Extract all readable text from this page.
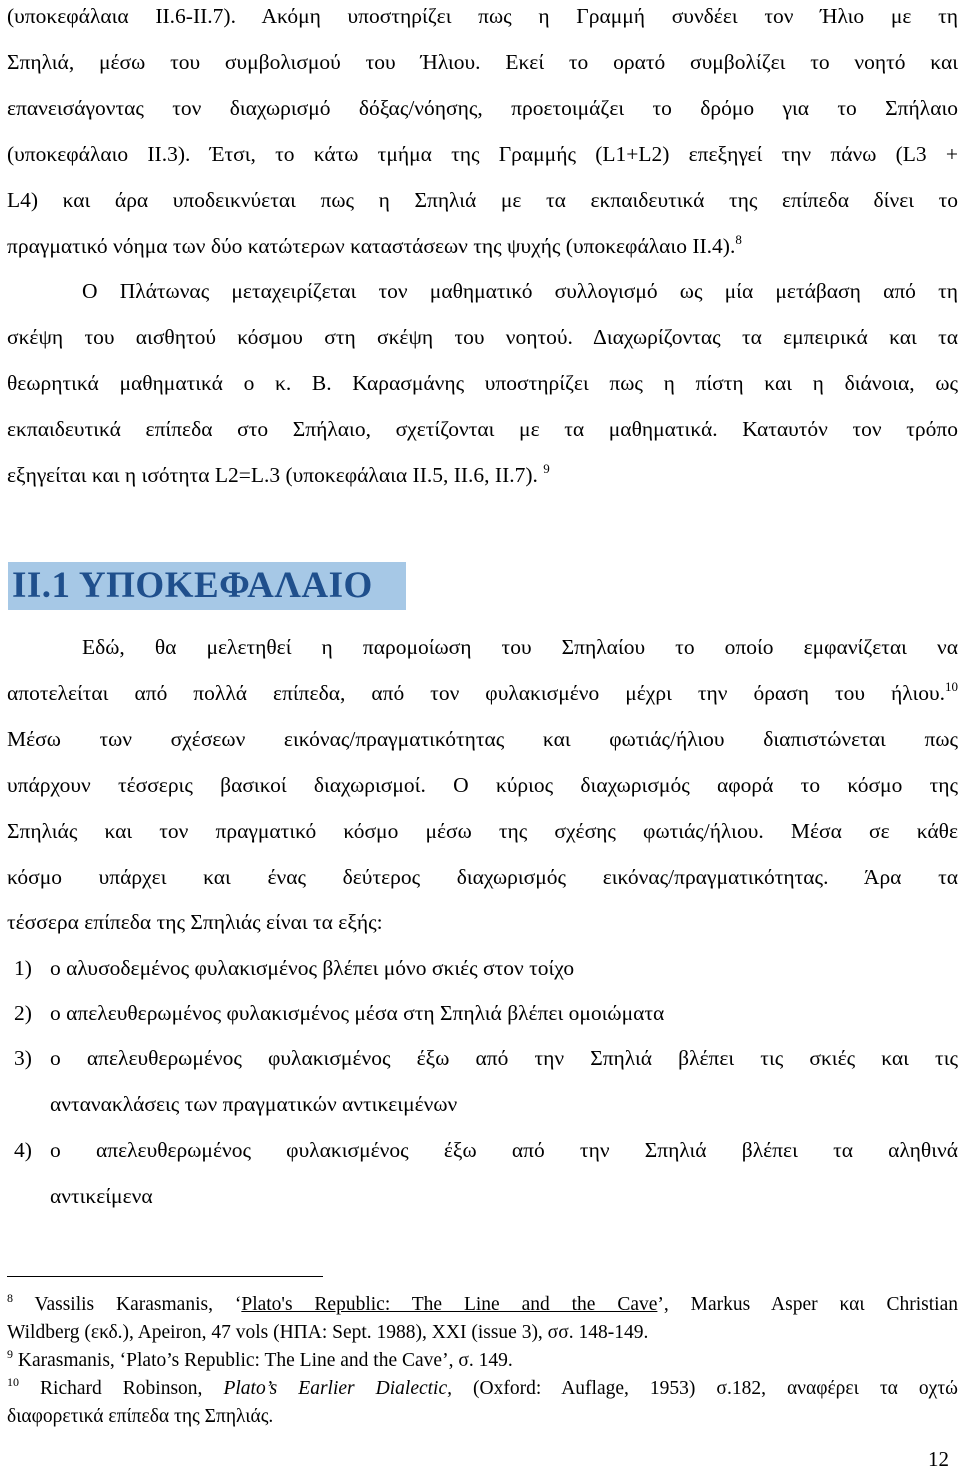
(υποκεφάλαια ΙΙ.6-ΙΙ.7). Ακόμη υποστηρίζει πως η Γραμμή συνδέει τον Ήλιο με τη
Σπηλιά, μέσω του συμβολισμού του Ήλιου. Εκεί το ορατό συμβολίζει το νοητό και
επανεισάγοντας τον διαχωρισμό δόξας/νόησης, προετοιμάζει το δρόμο για το Σπήλαιο
(υποκεφάλαιο ΙΙ.3). Έτσι, το κάτω τμήμα της Γραμμής (L1+L2) επεξηγεί την πάνω (L3 +
L4) και άρα υποδεικνύεται πως η Σπηλιά με τα εκπαιδευτικά της επίπεδα δίνει το
πραγματικό νόημα των δύο κατώτερων καταστάσεων της ψυχής (υποκεφάλαιο ΙΙ.4).$^8$
Ο Πλάτωνας μεταχειρίζεται τον μαθηματικό συλλογισμό ως μία μετάβαση από τη
σκέψη του αισθητού κόσμου στη σκέψη του νοητού. Διαχωρίζοντας τα εμπειρικά και τα
θεωρητικά μαθηματικά ο κ. Β. Καρασμάνης υποστηρίζει πως η πίστη και η διάνοια, ως
εκπαιδευτικά επίπεδα στο Σπήλαιο, σχετίζονται με τα μαθηματικά. Καταυτόν τον τρόπο
εξηγείται και η ισότητα L2=L.3 (υποκεφάλαια ΙΙ.5, ΙΙ.6, ΙΙ.7). $^9$
ΙΙ.1 ΥΠΟΚΕΦΑΛΑΙΟ
Εδώ, θα μελετηθεί η παρομοίωση του Σπηλαίου το οποίο εμφανίζεται να
αποτελείται από πολλά επίπεδα, από τον φυλακισμένο μέχρι την όραση του ήλιου.$^{10}$
Μέσω των σχέσεων εικόνας/πραγματικότητας και φωτιάς/ήλιου διαπιστώνεται πως
υπάρχουν τέσσερις βασικοί διαχωρισμοί. Ο κύριος διαχωρισμός αφορά το κόσμο της
Σπηλιάς και τον πραγματικό κόσμο μέσω της σχέσης φωτιάς/ήλιου. Μέσα σε κάθε
κόσμο υπάρχει και ένας δεύτερος διαχωρισμός εικόνας/πραγματικότητας. Άρα τα
τέσσερα επίπεδα της Σπηλιάς είναι τα εξής:
1) ο αλυσοδεμένος φυλακισμένος βλέπει μόνο σκιές στον τοίχο
2) ο απελευθερωμένος φυλακισμένος μέσα στη Σπηλιά βλέπει ομοιώματα
3) ο απελευθερωμένος φυλακισμένος έξω από την Σπηλιά βλέπει τις σκιές και τις
αντανακλάσεις των πραγματικών αντικειμένων
4) ο απελευθερωμένος φυλακισμένος έξω από την Σπηλιά βλέπει τα αληθινά
αντικείμενα
$^8$ Vassilis Karasmanis, ‘Plato's Republic: The Line and the Cave’, Markus Asper και Christian
Wildberg (εκδ.), Apeiron, 47 vols (ΗΠΑ: Sept. 1988), XXI (issue 3), σσ. 148-149.
$^9$ Karasmanis, ‘Plato’s Republic: The Line and the Cave’, σ. 149.
$^{10}$ Richard Robinson, Plato’s Earlier Dialectic, (Oxford: Auflage, 1953) σ.182, αναφέρει τα οχτώ
διαφορετικά επίπεδα της Σπηλιάς.
12
